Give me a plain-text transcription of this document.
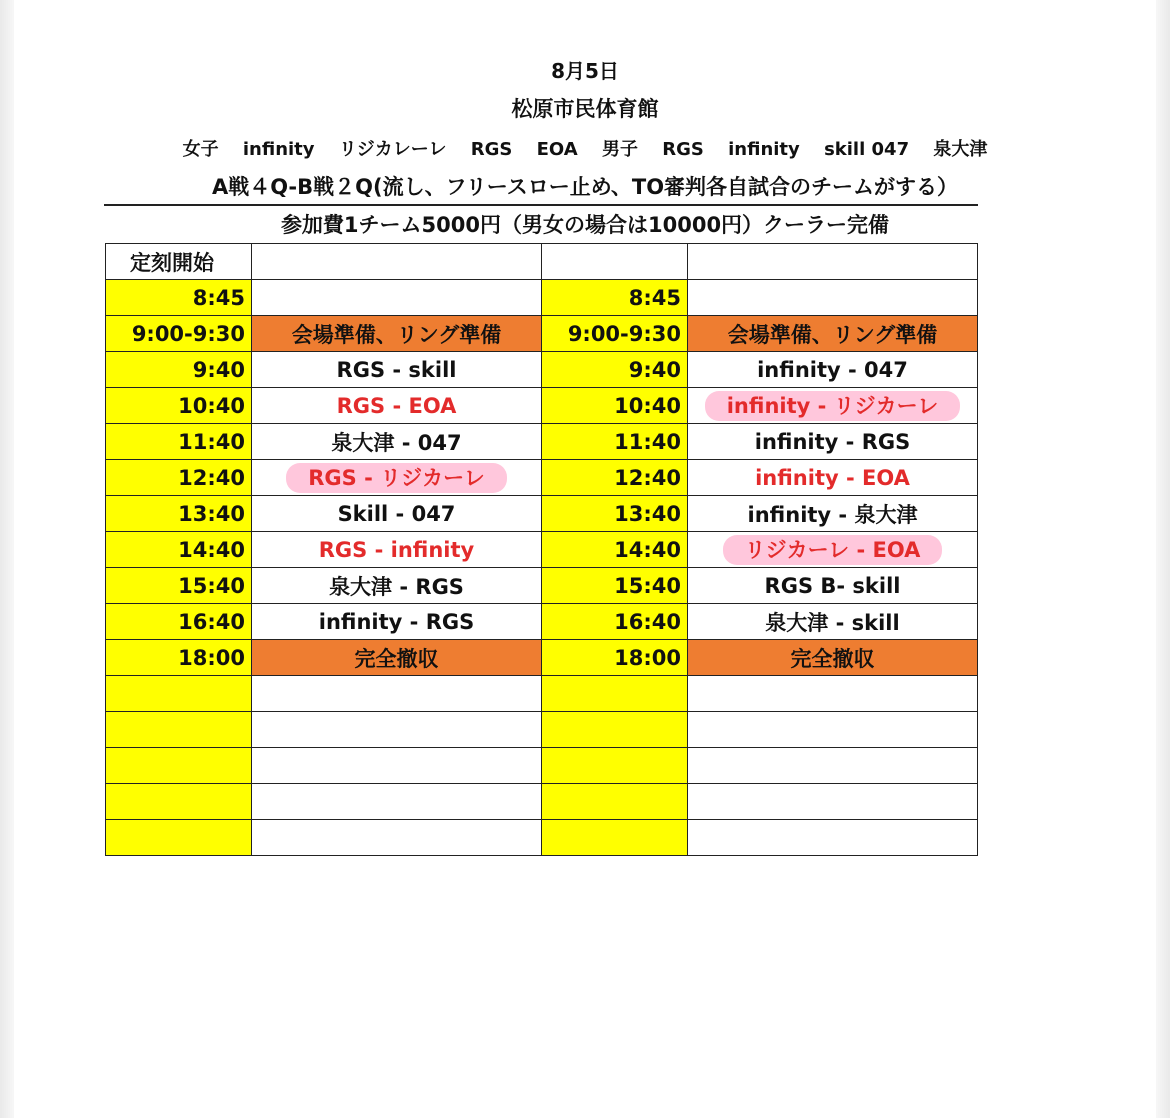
8月5日
松原市民体育館
女子 infinity リジカレーレ RGS EOA 男子 RGS infinity skill 047 泉大津
A戦４Q-B戦２Q(流し、フリースロー止め、TO審判各自試合のチームがする）
参加費1チーム5000円（男女の場合は10000円）クーラー完備
定刻開始			
8:45		8:45	
9:00-9:30	会場準備、リング準備	9:00-9:30	会場準備、リング準備
9:40	RGS - skill	9:40	infinity - 047
10:40	RGS - EOA	10:40	infinity - リジカーレ
11:40	泉大津 - 047	11:40	infinity - RGS
12:40	RGS - リジカーレ	12:40	infinity - EOA
13:40	Skill - 047	13:40	infinity - 泉大津
14:40	RGS - infinity	14:40	リジカーレ - EOA
15:40	泉大津 - RGS	15:40	RGS B- skill
16:40	infinity - RGS	16:40	泉大津 - skill
18:00	完全撤収	18:00	完全撤収
